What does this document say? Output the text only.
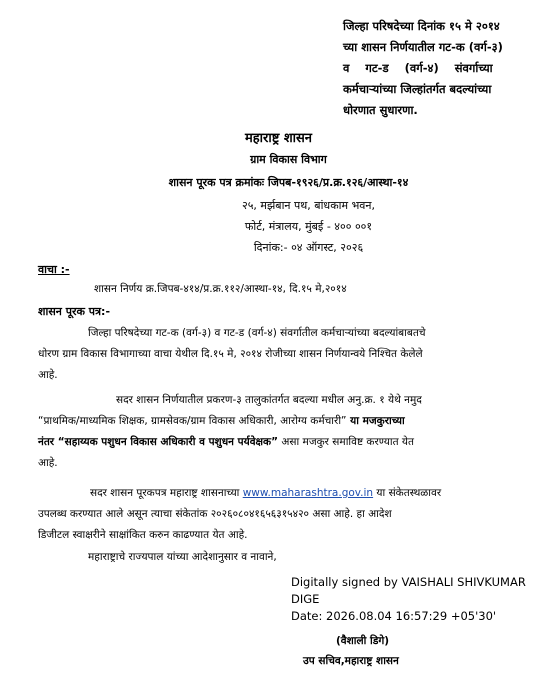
जिल्हा परिषदेच्या दिनांक १५ मे २०१४
च्या शासन निर्णयातील गट-क (वर्ग-३)
व    गट-ड    (वर्ग-४)    संवर्गाच्या
कर्मचाऱ्यांच्या जिल्हांतर्गत बदल्यांच्या
धोरणात सुधारणा.
महाराष्ट्र शासन
ग्राम विकास विभाग
शासन पूरक पत्र क्रमांकः जिपब-१९२६/प्र.क्र.१२६/आस्था-१४
२५, मर्झबान पथ, बांधकाम भवन,
फोर्ट, मंत्रालय, मुंबई - ४०० ००१
दिनांक:- ०४ ऑगस्ट, २०२६
वाचा :-
शासन निर्णय क्र.जिपब-४१४/प्र.क्र.११२/आस्था-१४, दि.१५ मे,२०१४
शासन पूरक पत्र:-
जिल्हा परिषदेच्या गट-क (वर्ग-३) व गट-ड (वर्ग-४) संवर्गातील कर्मचाऱ्यांच्या बदल्यांबाबतचे
धोरण ग्राम विकास विभागाच्या वाचा येथील दि.१५ मे, २०१४ रोजीच्या शासन निर्णयान्वये निश्चित केलेले
आहे.
सदर शासन निर्णयातील प्रकरण-३ तालुकांतर्गत बदल्या मधील अनु.क्र. १ येथे नमुद
“प्राथमिक/माध्यमिक शिक्षक, ग्रामसेवक/ग्राम विकास अधिकारी, आरोग्य कर्मचारी” या मजकुराच्या
नंतर “सहाय्यक पशुधन विकास अधिकारी व पशुधन पर्यवेक्षक” असा मजकुर समाविष्ट करण्यात येत
आहे.
सदर शासन पूरकपत्र महाराष्ट्र शासनाच्या www.maharashtra.gov.in या संकेतस्थळावर
उपलब्ध करण्यात आले असून त्याचा संकेतांक २०२६०८०४१६५६३१५४२० असा आहे. हा आदेश
डिजीटल स्वाक्षरीने साक्षांकित करुन काढण्यात येत आहे.
महाराष्ट्राचे राज्यपाल यांच्या आदेशानुसार व नावाने,
Digitally signed by VAISHALI SHIVKUMAR
DIGE
Date: 2026.08.04 16:57:29 +05'30'
(वैशाली डिगे)
उप सचिव,महाराष्ट्र शासन
